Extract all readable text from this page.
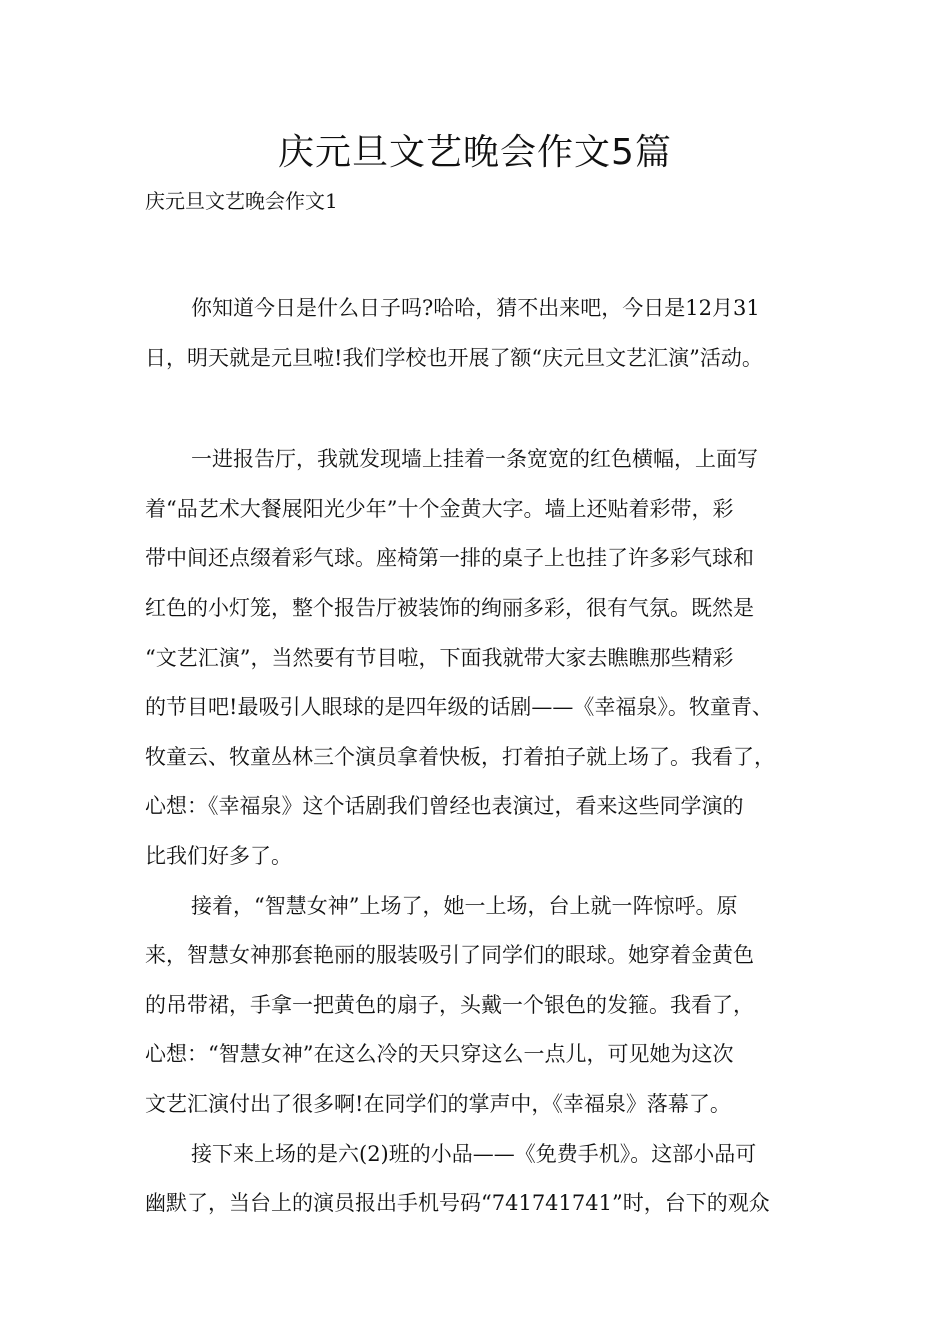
庆元旦文艺晚会作文5篇

庆元旦文艺晚会作文1

你知道今日是什么日子吗?哈哈，猜不出来吧，今日是12月31
日，明天就是元旦啦!我们学校也开展了额“庆元旦文艺汇演”活动。
一进报告厅，我就发现墙上挂着一条宽宽的红色横幅，上面写
着“品艺术大餐展阳光少年”十个金黄大字。墙上还贴着彩带，彩
带中间还点缀着彩气球。座椅第一排的桌子上也挂了许多彩气球和
红色的小灯笼，整个报告厅被装饰的绚丽多彩，很有气氛。既然是
“文艺汇演”，当然要有节目啦，下面我就带大家去瞧瞧那些精彩
的节目吧!最吸引人眼球的是四年级的话剧——《幸福泉》。牧童青、
牧童云、牧童丛林三个演员拿着快板，打着拍子就上场了。我看了，
心想：《幸福泉》这个话剧我们曾经也表演过，看来这些同学演的
比我们好多了。
接着，“智慧女神”上场了，她一上场，台上就一阵惊呼。原
来，智慧女神那套艳丽的服装吸引了同学们的眼球。她穿着金黄色
的吊带裙，手拿一把黄色的扇子，头戴一个银色的发箍。我看了，
心想：“智慧女神”在这么冷的天只穿这么一点儿，可见她为这次
文艺汇演付出了很多啊!在同学们的掌声中，《幸福泉》落幕了。
接下来上场的是六(2)班的小品——《免费手机》。这部小品可
幽默了，当台上的演员报出手机号码“741741741”时，台下的观众
